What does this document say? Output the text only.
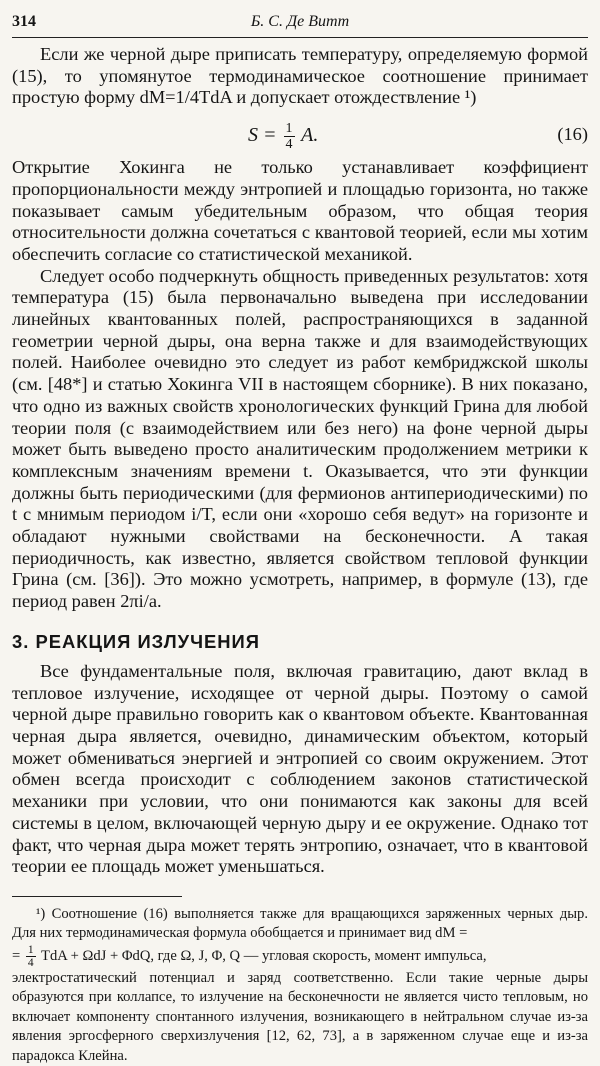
314	Б. С. Де Витт

Если же черной дыре приписать температуру, определяемую формой (15), то упомянутое термодинамическое соотношение принимает простую форму dM=1/4TdA и допускает отождествление ¹)

$S = \frac{1}{4} A$.	(16)

Открытие Хокинга не только устанавливает коэффициент пропорциональности между энтропией и площадью горизонта, но также показывает самым убедительным образом, что общая теория относительности должна сочетаться с квантовой теорией, если мы хотим обеспечить согласие со статистической механикой.

Следует особо подчеркнуть общность приведенных результатов: хотя температура (15) была первоначально выведена при исследовании линейных квантованных полей, распространяющихся в заданной геометрии черной дыры, она верна также и для взаимодействующих полей. Наиболее очевидно это следует из работ кембриджской школы (см. [48*] и статью Хокинга VII в настоящем сборнике). В них показано, что одно из важных свойств хронологических функций Грина для любой теории поля (с взаимодействием или без него) на фоне черной дыры может быть выведено просто аналитическим продолжением метрики к комплексным значениям времени t. Оказывается, что эти функции должны быть периодическими (для фермионов антипериодическими) по t с мнимым периодом i/T, если они «хорошо себя ведут» на горизонте и обладают нужными свойствами на бесконечности. А такая периодичность, как известно, является свойством тепловой функции Грина (см. [36]). Это можно усмотреть, например, в формуле (13), где период равен 2πi/a.

3. РЕАКЦИЯ ИЗЛУЧЕНИЯ

Все фундаментальные поля, включая гравитацию, дают вклад в тепловое излучение, исходящее от черной дыры. Поэтому о самой черной дыре правильно говорить как о квантовом объекте. Квантованная черная дыра является, очевидно, динамическим объектом, который может обмениваться энергией и энтропией со своим окружением. Этот обмен всегда происходит с соблюдением законов статистической механики при условии, что они понимаются как законы для всей системы в целом, включающей черную дыру и ее окружение. Однако тот факт, что черная дыра может терять энтропию, означает, что в квантовой теории ее площадь может уменьшаться.

¹) Соотношение (16) выполняется также для вращающихся заряженных черных дыр. Для них термодинамическая формула обобщается и принимает вид dM =
= $\frac{1}{4}$ TdA + ΩdJ + ΦdQ, где Ω, J, Φ, Q — угловая скорость, момент импульса,
электростатический потенциал и заряд соответственно. Если такие черные дыры образуются при коллапсе, то излучение на бесконечности не является чисто тепловым, но включает компоненту спонтанного излучения, возникающего в нейтральном случае из-за явления эргосферного сверхизлучения [12, 62, 73], а в заряженном случае еще и из-за парадокса Клейна.
